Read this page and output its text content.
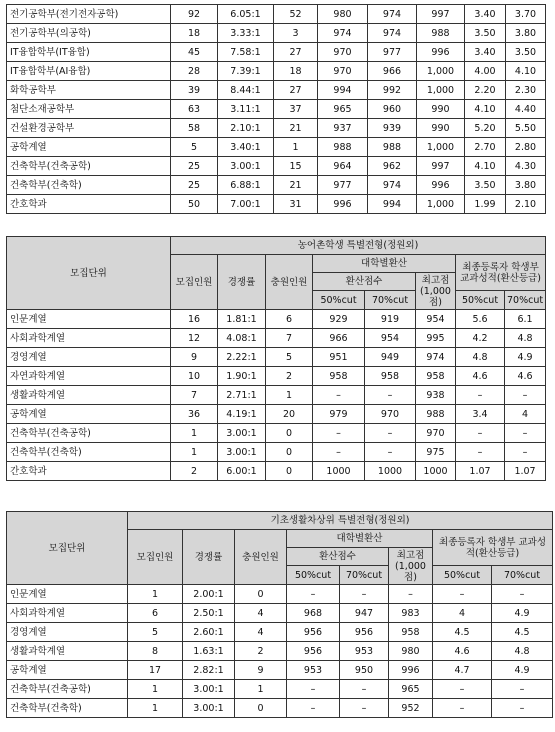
전기공학부(전기전자공학)	92	6.05:1	52	980	974	997	3.40	3.70
전기공학부(의공학)	18	3.33:1	3	974	974	988	3.50	3.80
IT융합학부(IT융합)	45	7.58:1	27	970	977	996	3.40	3.50
IT융합학부(AI융합)	28	7.39:1	18	970	966	1,000	4.00	4.10
화학공학부	39	8.44:1	27	994	992	1,000	2.20	2.30
첨단소재공학부	63	3.11:1	37	965	960	990	4.10	4.40
건설환경공학부	58	2.10:1	21	937	939	990	5.20	5.50
공학계열	5	3.40:1	1	988	988	1,000	2.70	2.80
건축학부(건축공학)	25	3.00:1	15	964	962	997	4.10	4.30
건축학부(건축학)	25	6.88:1	21	977	974	996	3.50	3.80
간호학과	50	7.00:1	31	996	994	1,000	1.99	2.10
모집단위	농어촌학생 특별전형(정원외)							
	모집인원	경쟁률	충원인원	대학별환산			최종등록자 학생부 교과성적(환산등급)	
				환산점수		최고점(1,000점)		
				50%cut	70%cut		50%cut	70%cut
인문계열	16	1.81:1	6	929	919	954	5.6	6.1
사회과학계열	12	4.08:1	7	966	954	995	4.2	4.8
경영계열	9	2.22:1	5	951	949	974	4.8	4.9
자연과학계열	10	1.90:1	2	958	958	958	4.6	4.6
생활과학계열	7	2.71:1	1	–	–	938	–	–
공학계열	36	4.19:1	20	979	970	988	3.4	4
건축학부(건축공학)	1	3.00:1	0	–	–	970	–	–
건축학부(건축학)	1	3.00:1	0	–	–	975	–	–
간호학과	2	6.00:1	0	1000	1000	1000	1.07	1.07
모집단위	기초생활차상위 특별전형(정원외)							
	모집인원	경쟁률	충원인원	대학별환산			최종등록자 학생부 교과성적(환산등급)	
				환산점수		최고점(1,000점)		
				50%cut	70%cut		50%cut	70%cut
인문계열	1	2.00:1	0	–	–	–	–	–
사회과학계열	6	2.50:1	4	968	947	983	4	4.9
경영계열	5	2.60:1	4	956	956	958	4.5	4.5
생활과학계열	8	1.63:1	2	956	953	980	4.6	4.8
공학계열	17	2.82:1	9	953	950	996	4.7	4.9
건축학부(건축공학)	1	3.00:1	1	–	–	965	–	–
건축학부(건축학)	1	3.00:1	0	–	–	952	–	–
